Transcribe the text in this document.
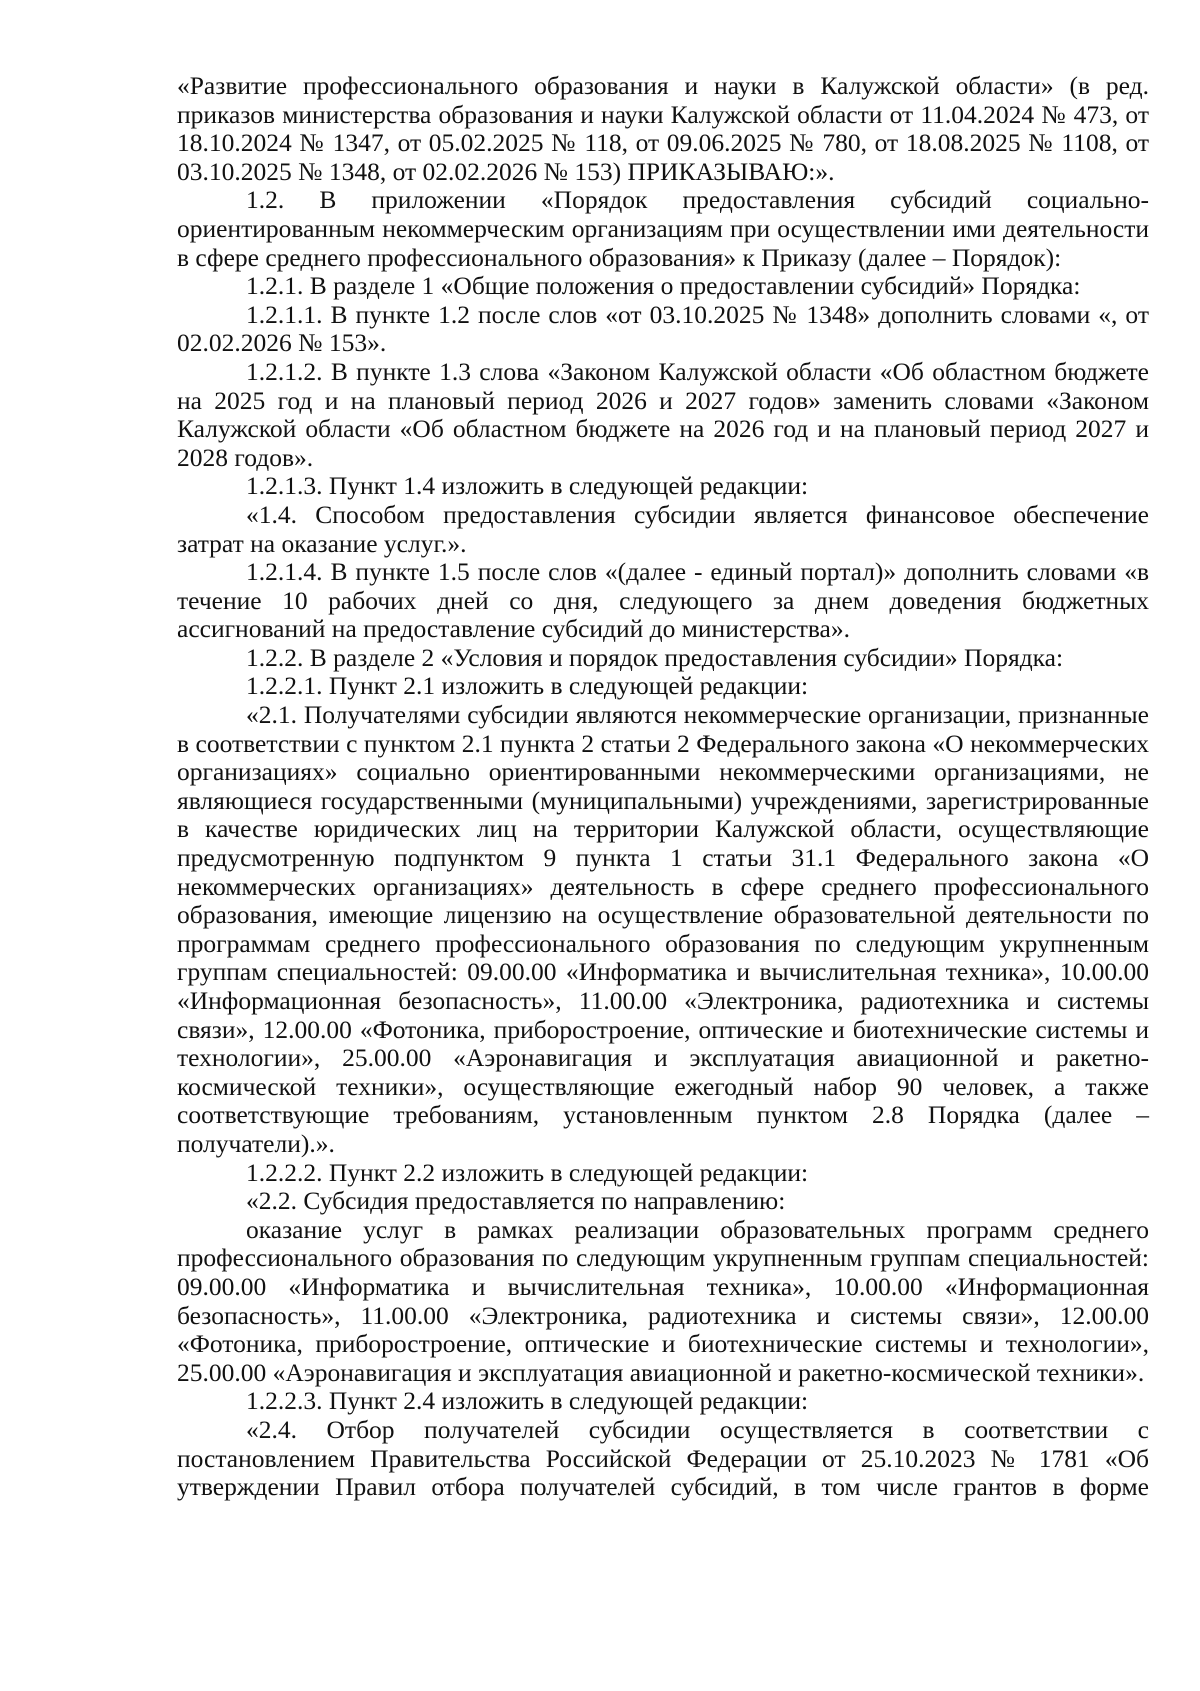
«Развитие профессионального образования и науки в Калужской области» (в ред. приказов министерства образования и науки Калужской области от 11.04.2024 № 473, от 18.10.2024 № 1347, от 05.02.2025 № 118, от 09.06.2025 № 780, от 18.08.2025 № 1108, от 03.10.2025 № 1348, от 02.02.2026 № 153) ПРИКАЗЫВАЮ:».

1.2. В приложении «Порядок предоставления субсидий социально-ориентированным некоммерческим организациям при осуществлении ими деятельности в сфере среднего профессионального образования» к Приказу (далее – Порядок):

1.2.1. В разделе 1 «Общие положения о предоставлении субсидий» Порядка:

1.2.1.1. В пункте 1.2 после слов «от 03.10.2025 № 1348» дополнить словами «, от 02.02.2026 № 153».

1.2.1.2. В пункте 1.3 слова «Законом Калужской области «Об областном бюджете на 2025 год и на плановый период 2026 и 2027 годов» заменить словами «Законом Калужской области «Об областном бюджете на 2026 год и на плановый период 2027 и 2028 годов».

1.2.1.3. Пункт 1.4 изложить в следующей редакции:

«1.4. Способом предоставления субсидии является финансовое обеспечение затрат на оказание услуг.».

1.2.1.4. В пункте 1.5 после слов «(далее - единый портал)» дополнить словами «в течение 10 рабочих дней со дня, следующего за днем доведения бюджетных ассигнований на предоставление субсидий до министерства».

1.2.2. В разделе 2 «Условия и порядок предоставления субсидии» Порядка:

1.2.2.1. Пункт 2.1 изложить в следующей редакции:

«2.1. Получателями субсидии являются некоммерческие организации, признанные в соответствии с пунктом 2.1 пункта 2 статьи 2 Федерального закона «О некоммерческих организациях» социально ориентированными некоммерческими организациями, не являющиеся государственными (муниципальными) учреждениями, зарегистрированные в качестве юридических лиц на территории Калужской области, осуществляющие предусмотренную подпунктом 9 пункта 1 статьи 31.1 Федерального закона «О некоммерческих организациях» деятельность в сфере среднего профессионального образования, имеющие лицензию на осуществление образовательной деятельности по программам среднего профессионального образования по следующим укрупненным группам специальностей: 09.00.00 «Информатика и вычислительная техника», 10.00.00 «Информационная безопасность», 11.00.00 «Электроника, радиотехника и системы связи», 12.00.00 «Фотоника, приборостроение, оптические и биотехнические системы и технологии», 25.00.00 «Аэронавигация и эксплуатация авиационной и ракетно-космической техники», осуществляющие ежегодный набор 90 человек, а также соответствующие требованиям, установленным пунктом 2.8 Порядка (далее – получатели).».

1.2.2.2. Пункт 2.2 изложить в следующей редакции:

«2.2. Субсидия предоставляется по направлению:

оказание услуг в рамках реализации образовательных программ среднего профессионального образования по следующим укрупненным группам специальностей: 09.00.00 «Информатика и вычислительная техника», 10.00.00 «Информационная безопасность», 11.00.00 «Электроника, радиотехника и системы связи», 12.00.00 «Фотоника, приборостроение, оптические и биотехнические системы и технологии», 25.00.00 «Аэронавигация и эксплуатация авиационной и ракетно-космической техники».

1.2.2.3. Пункт 2.4 изложить в следующей редакции:

«2.4. Отбор получателей субсидии осуществляется в соответствии с постановлением Правительства Российской Федерации от 25.10.2023 № 1781 «Об утверждении Правил отбора получателей субсидий, в том числе грантов в форме
